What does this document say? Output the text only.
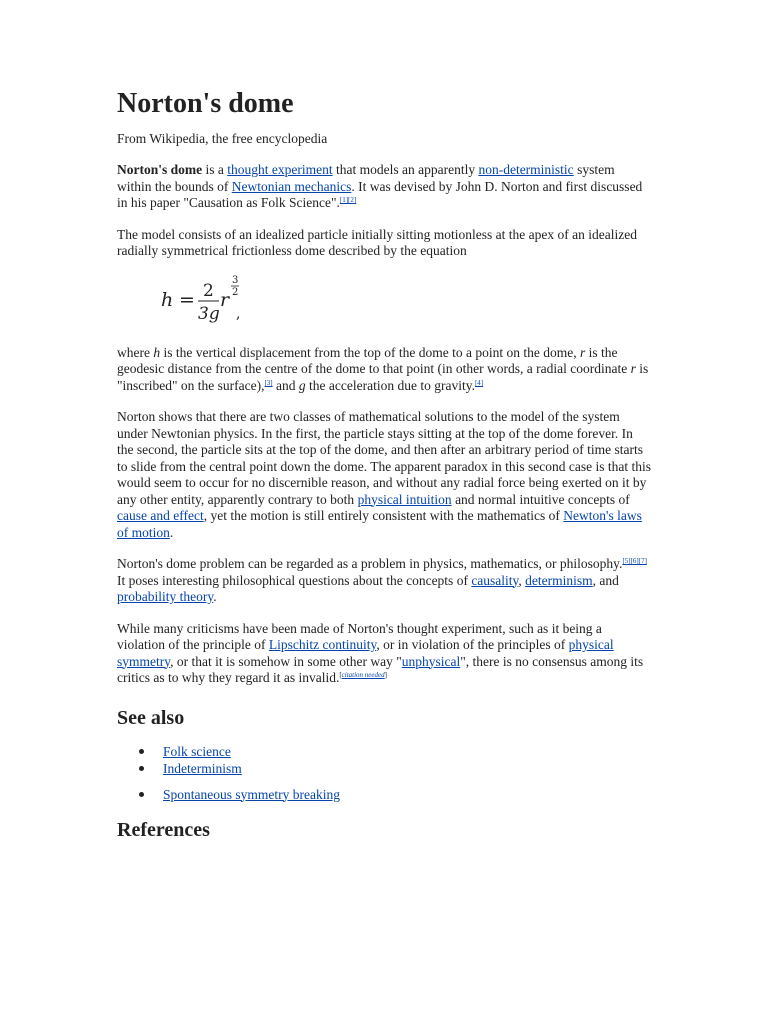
Norton's dome
From Wikipedia, the free encyclopedia

Norton's dome is a thought experiment that models an apparently non-deterministic system within the bounds of Newtonian mechanics. It was devised by John D. Norton and first discussed in his paper "Causation as Folk Science".[1][2]

The model consists of an idealized particle initially sitting motionless at the apex of an idealized radially symmetrical frictionless dome described by the equation

h = 2
3g
r
3
2
,

where h is the vertical displacement from the top of the dome to a point on the dome, r is the geodesic distance from the centre of the dome to that point (in other words, a radial coordinate r is "inscribed" on the surface),[3] and g the acceleration due to gravity.[4]

Norton shows that there are two classes of mathematical solutions to the model of the system under Newtonian physics. In the first, the particle stays sitting at the top of the dome forever. In the second, the particle sits at the top of the dome, and then after an arbitrary period of time starts to slide from the central point down the dome. The apparent paradox in this second case is that this would seem to occur for no discernible reason, and without any radial force being exerted on it by any other entity, apparently contrary to both physical intuition and normal intuitive concepts of cause and effect, yet the motion is still entirely consistent with the mathematics of Newton's laws of motion.

Norton's dome problem can be regarded as a problem in physics, mathematics, or philosophy.[5][6][7] It poses interesting philosophical questions about the concepts of causality, determinism, and probability theory.

While many criticisms have been made of Norton's thought experiment, such as it being a violation of the principle of Lipschitz continuity, or in violation of the principles of physical symmetry, or that it is somehow in some other way "unphysical", there is no consensus among its critics as to why they regard it as invalid.[citation needed]

See also
Folk science
Indeterminism
Spontaneous symmetry breaking
References
